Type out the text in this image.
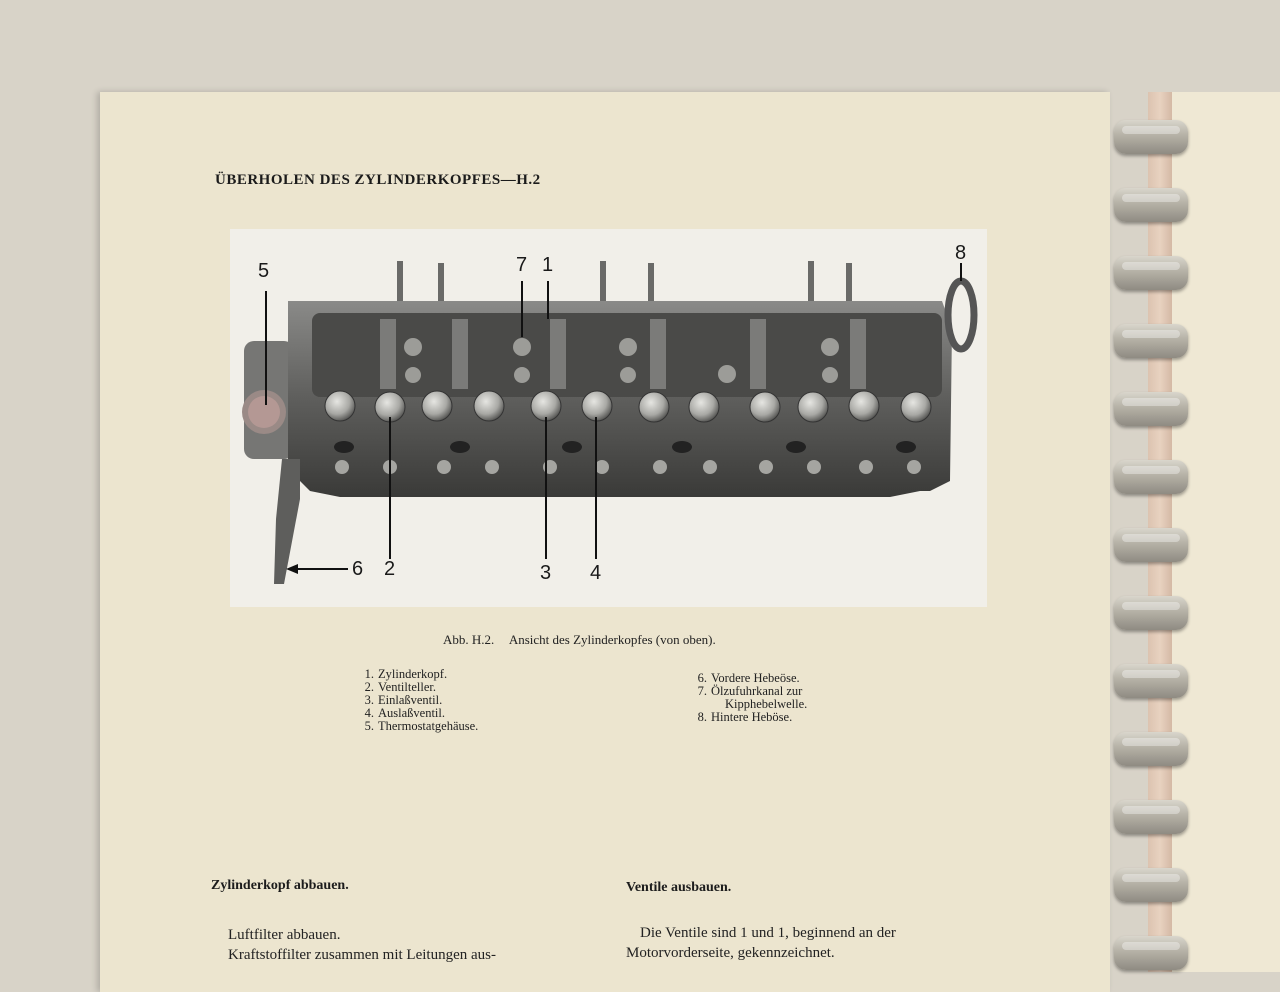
ÜBERHOLEN DES ZYLINDERKOPFES—H.2
5	7 1
8
6 2	3 4
Abb. H.2. Ansicht des Zylinderkopfes (von oben).
1. Zylinderkopf.
2. Ventilteller.
3. Einlaßventil.
4. Auslaßventil.
5. Thermostatgehäuse.
6. Vordere Hebeöse.
7. Ölzufuhrkanal zur
Kipphebelwelle.
8. Hintere Heböse.
Zylinderkopf abbauen.
Luftfilter abbauen.
Kraftstoffilter zusammen mit Leitungen aus-
Ventile ausbauen.
Die Ventile sind 1 und 1, beginnend an der
Motorvorderseite, gekennzeichnet.
